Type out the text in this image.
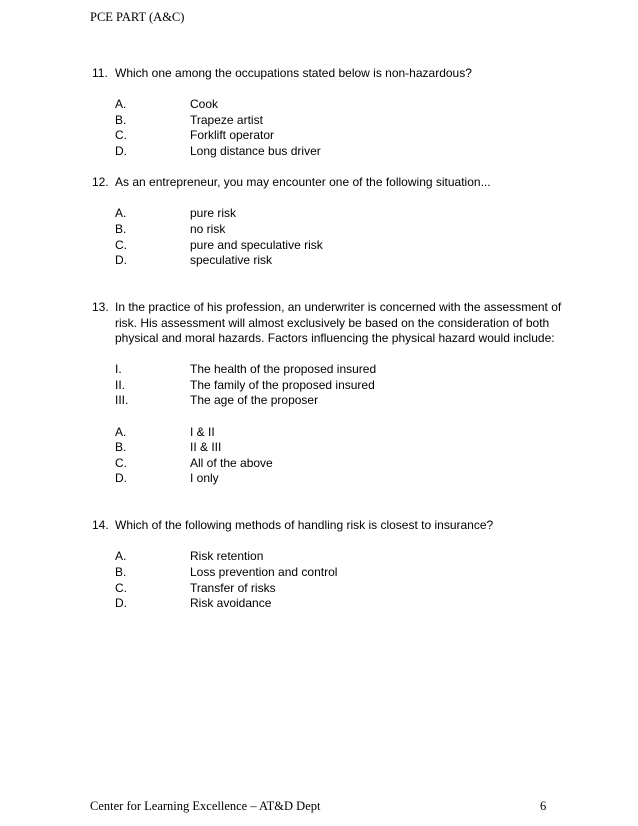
PCE PART (A&C)
11. Which one among the occupations stated below is non-hazardous?
A.	Cook
B.	Trapeze artist
C.	Forklift operator
D.	Long distance bus driver
12. As an entrepreneur, you may encounter one of the following situation...
A.	pure risk
B.	no risk
C.	pure and speculative risk
D.	speculative risk
13. In the practice of his profession, an underwriter is concerned with the assessment of risk. His assessment will almost exclusively be based on the consideration of both physical and moral hazards. Factors influencing the physical hazard would include:
I.	The health of the proposed insured
II.	The family of the proposed insured
III.	The age of the proposer
A.	I & II
B.	II & III
C.	All of the above
D.	I only
14. Which of the following methods of handling risk is closest to insurance?
A.	Risk retention
B.	Loss prevention and control
C.	Transfer of risks
D.	Risk avoidance
Center for Learning Excellence – AT&D Dept	6
